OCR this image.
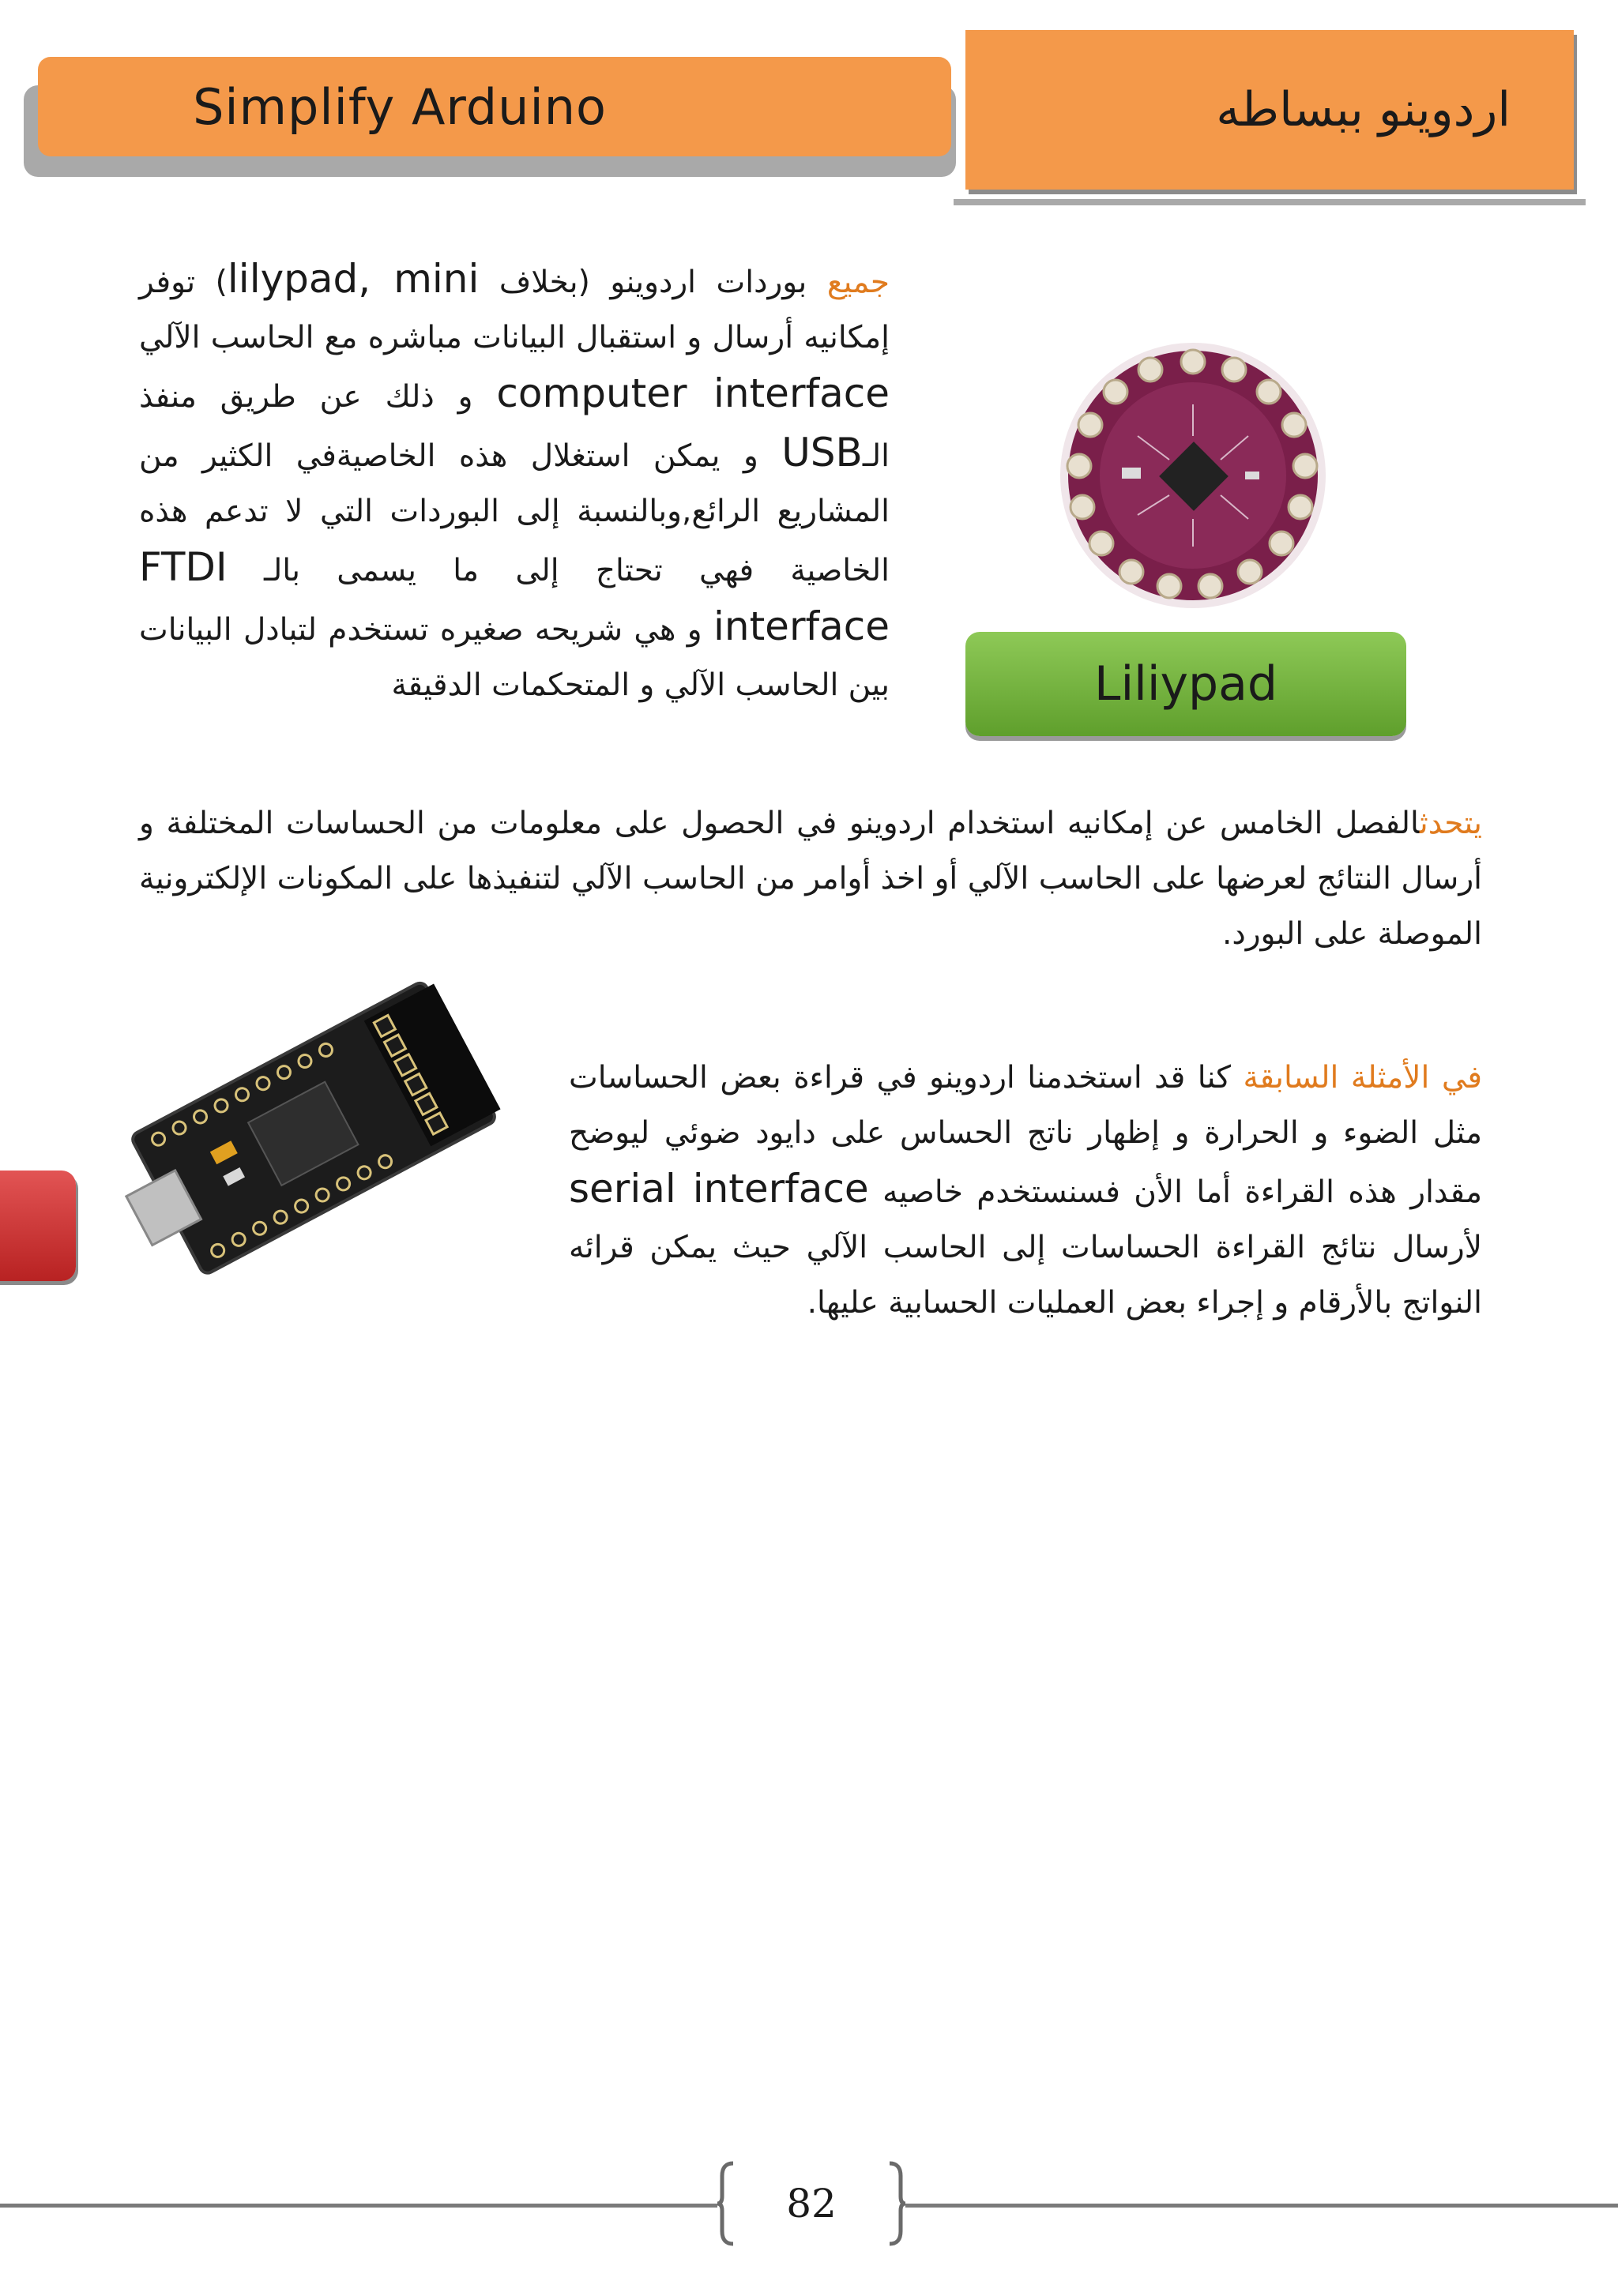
Simplify Arduino	اردوينو ببساطه
Liliypad
جميع بوردات اردوينو (بخلاف lilypad, mini) توفر إمكانيه أرسال و استقبال البيانات مباشره مع الحاسب الآلي computer interface و ذلك عن طريق منفذ الـUSB و يمكن استغلال هذه الخاصيةفي الكثير من المشاريع الرائع,وبالنسبة إلى البوردات التي لا تدعم هذه الخاصية فهي تحتاج إلى ما يسمى بالـ FTDI interface و هي شريحه صغيره تستخدم لتبادل البيانات بين الحاسب الآلي و المتحكمات الدقيقة
يتحدثالفصل الخامس عن إمكانيه استخدام اردوينو في الحصول على معلومات من الحساسات المختلفة و أرسال النتائج لعرضها على الحاسب الآلي أو اخذ أوامر من الحاسب الآلي لتنفيذها على المكونات الإلكترونية الموصلة على البورد.
في الأمثلة السابقة كنا قد استخدمنا اردوينو في قراءة بعض الحساسات مثل الضوء و الحرارة و إظهار ناتج الحساس على دايود ضوئي ليوضح مقدار هذه القراءة أما الأن فسنستخدم خاصيه serial interface لأرسال نتائج القراءة الحساسات إلى الحاسب الآلي حيث يمكن قرائه النواتج بالأرقام و إجراء بعض العمليات الحسابية عليها.
82
